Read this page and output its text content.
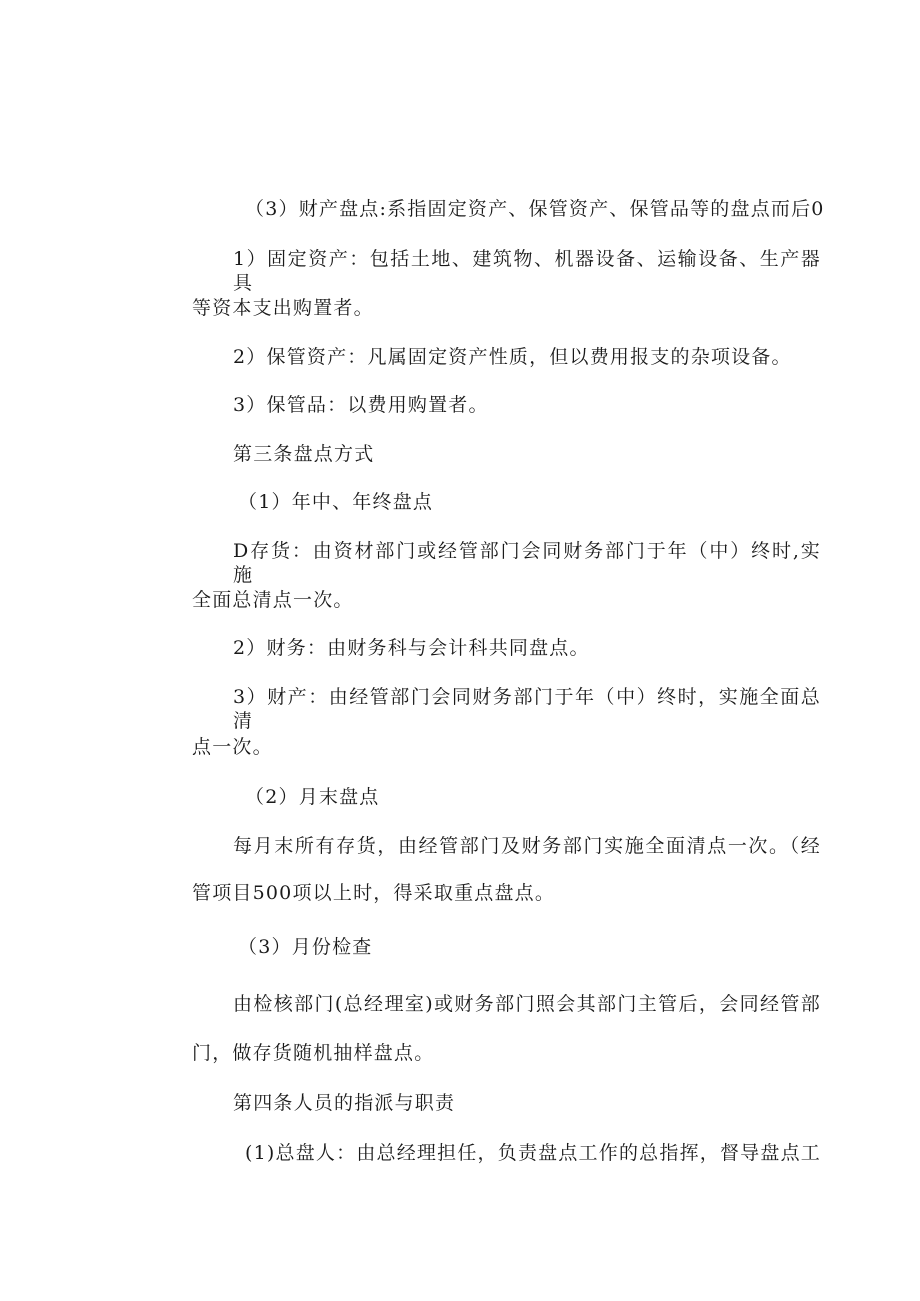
（3）财产盘点:系指固定资产、保管资产、保管品等的盘点而后0

1）固定资产：包括土地、建筑物、机器设备、运输设备、生产器具

等资本支出购置者。

2）保管资产：凡属固定资产性质，但以费用报支的杂项设备。

3）保管品：以费用购置者。

第三条盘点方式

（1）年中、年终盘点

D存货：由资材部门或经管部门会同财务部门于年（中）终时,实施

全面总清点一次。

2）财务：由财务科与会计科共同盘点。

3）财产：由经管部门会同财务部门于年（中）终时，实施全面总清

点一次。

（2）月末盘点

每月末所有存货，由经管部门及财务部门实施全面清点一次。（经

管项目500项以上时，得采取重点盘点。

（3）月份检查

由检核部门(总经理室)或财务部门照会其部门主管后，会同经管部

门，做存货随机抽样盘点。

第四条人员的指派与职责

(1)总盘人：由总经理担任，负责盘点工作的总指挥，督导盘点工
